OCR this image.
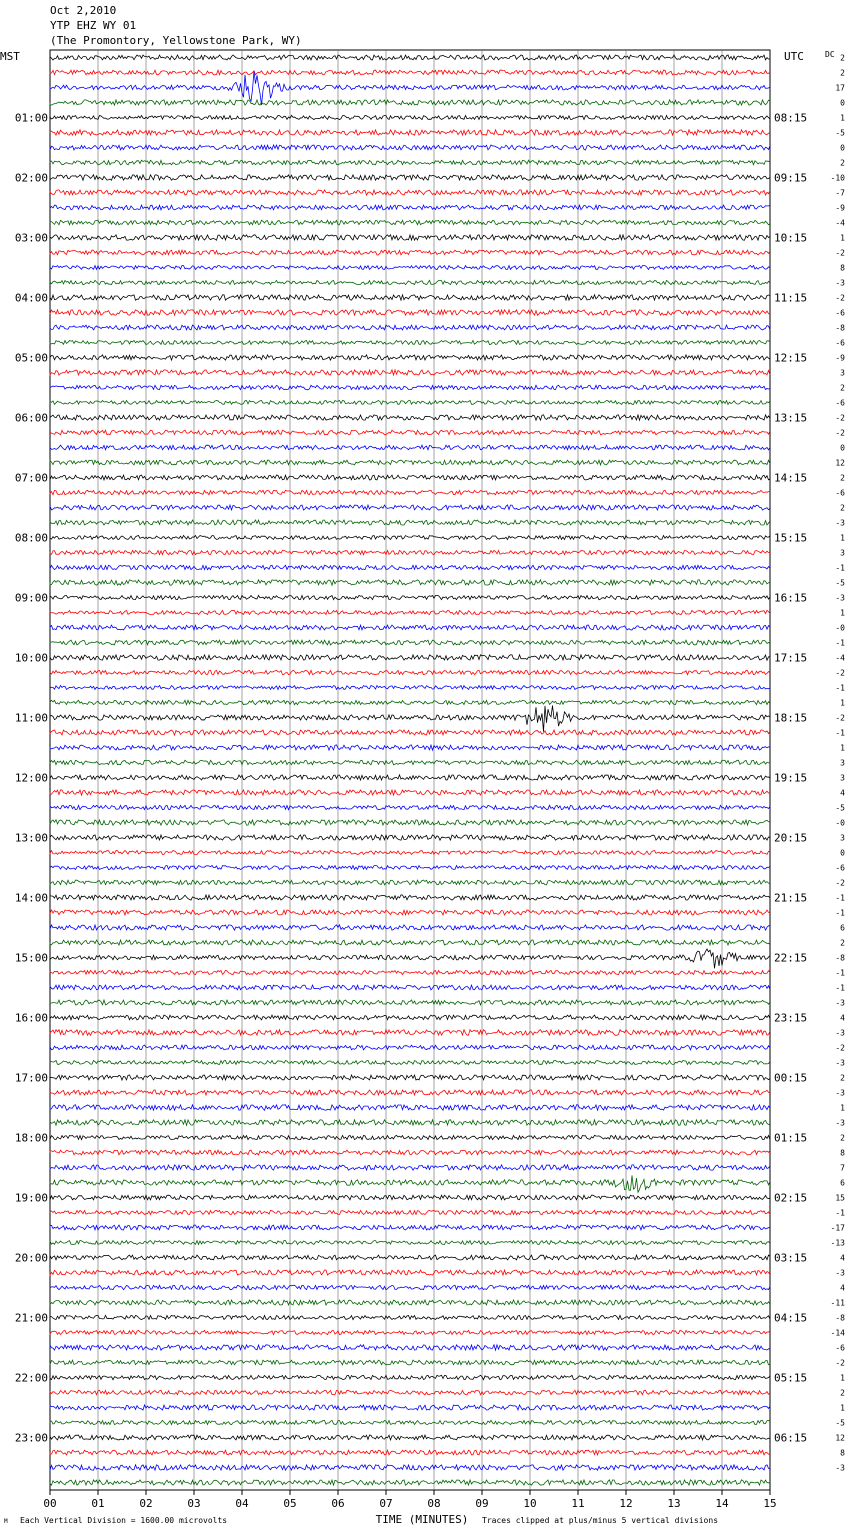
Oct 2,2010
YTP EHZ WY 01
(The Promontory, Yellowstone Park, WY)
01:00
02:00
03:00
04:00
05:00
06:00
07:00
08:00
09:00
10:00
11:00
12:00
13:00
14:00
15:00
16:00
17:00
18:00
19:00
20:00
21:00
22:00
23:00
08:15
09:15
10:15
11:15
12:15
13:15
14:15
15:15
16:15
17:15
18:15
19:15
20:15
21:15
22:15
23:15
00:15
01:15
02:15
03:15
04:15
05:15
06:15
MST	UTC	DC 2
2
17
0
1
-5
0
2
-10
-7
-9
-4
1
-2
8
-3
-2
-6
-8
-6
-9
3
2
-6
-2
-2
0
12
2
-6
2
-3
1
3
-1
-5
-3
1
-0
-1
-4
-2
-1
1
-2
-1
1
3
3
4
-5
-0
3
0
-6
-2
-1
-1
6
2
-8
-1
-1
-3
4
-3
-2
-3
2
-3
1
-3
2
8
7
6
15
-1
-17
-13
4
-3
4
-11
-8
-14
-6
-2
1
2
1
-5
12
8
-3
00	01	02	03	04	05	06	07	08	09	10	11	12	13	14	15
TIME (MINUTES)
Each Vertical Division = 1600.00 microvolts	Traces clipped at plus/minus 5 vertical divisions
M
